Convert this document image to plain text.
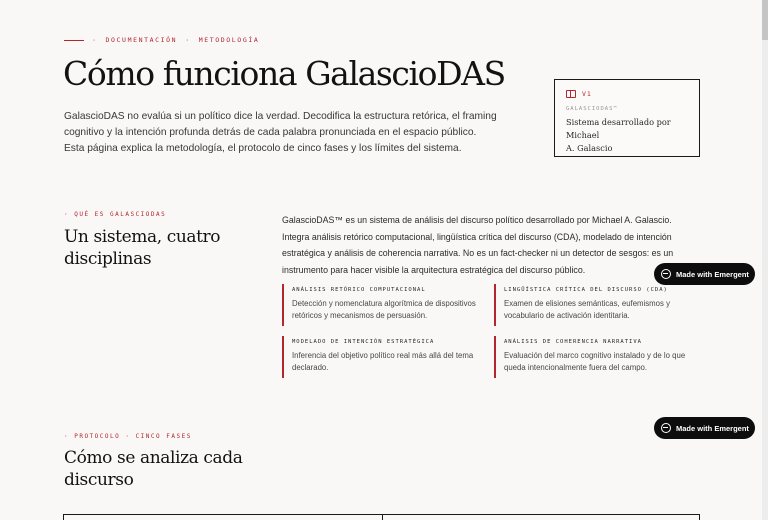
· DOCUMENTACIÓN · METODOLOGÍA
Cómo funciona GalascioDAS
GalascioDAS no evalúa si un político dice la verdad. Decodifica la estructura retórica, el framing
cognitivo y la intención profunda detrás de cada palabra pronunciada en el espacio público.
Esta página explica la metodología, el protocolo de cinco fases y los límites del sistema.
V1
GALASCIODAS™
Sistema desarrollado por Michael
A. Galascio
· QUÉ ES GALASCIODAS
Un sistema, cuatro
disciplinas
GalascioDAS™ es un sistema de análisis del discurso político desarrollado por Michael A. Galascio.
Integra análisis retórico computacional, lingüística crítica del discurso (CDA), modelado de intención
estratégica y análisis de coherencia narrativa. No es un fact-checker ni un detector de sesgos: es un
instrumento para hacer visible la arquitectura estratégica del discurso público.
ANÁLISIS RETÓRICO COMPUTACIONAL
Detección y nomenclatura algorítmica de dispositivos
retóricos y mecanismos de persuasión.
LINGÜÍSTICA CRÍTICA DEL DISCURSO (CDA)
Examen de elisiones semánticas, eufemismos y
vocabulario de activación identitaria.
MODELADO DE INTENCIÓN ESTRATÉGICA
Inferencia del objetivo político real más allá del tema
declarado.
ANÁLISIS DE COHERENCIA NARRATIVA
Evaluación del marco cognitivo instalado y de lo que
queda intencionalmente fuera del campo.
Made with Emergent
Made with Emergent
· PROTOCOLO · CINCO FASES
Cómo se analiza cada
discurso
